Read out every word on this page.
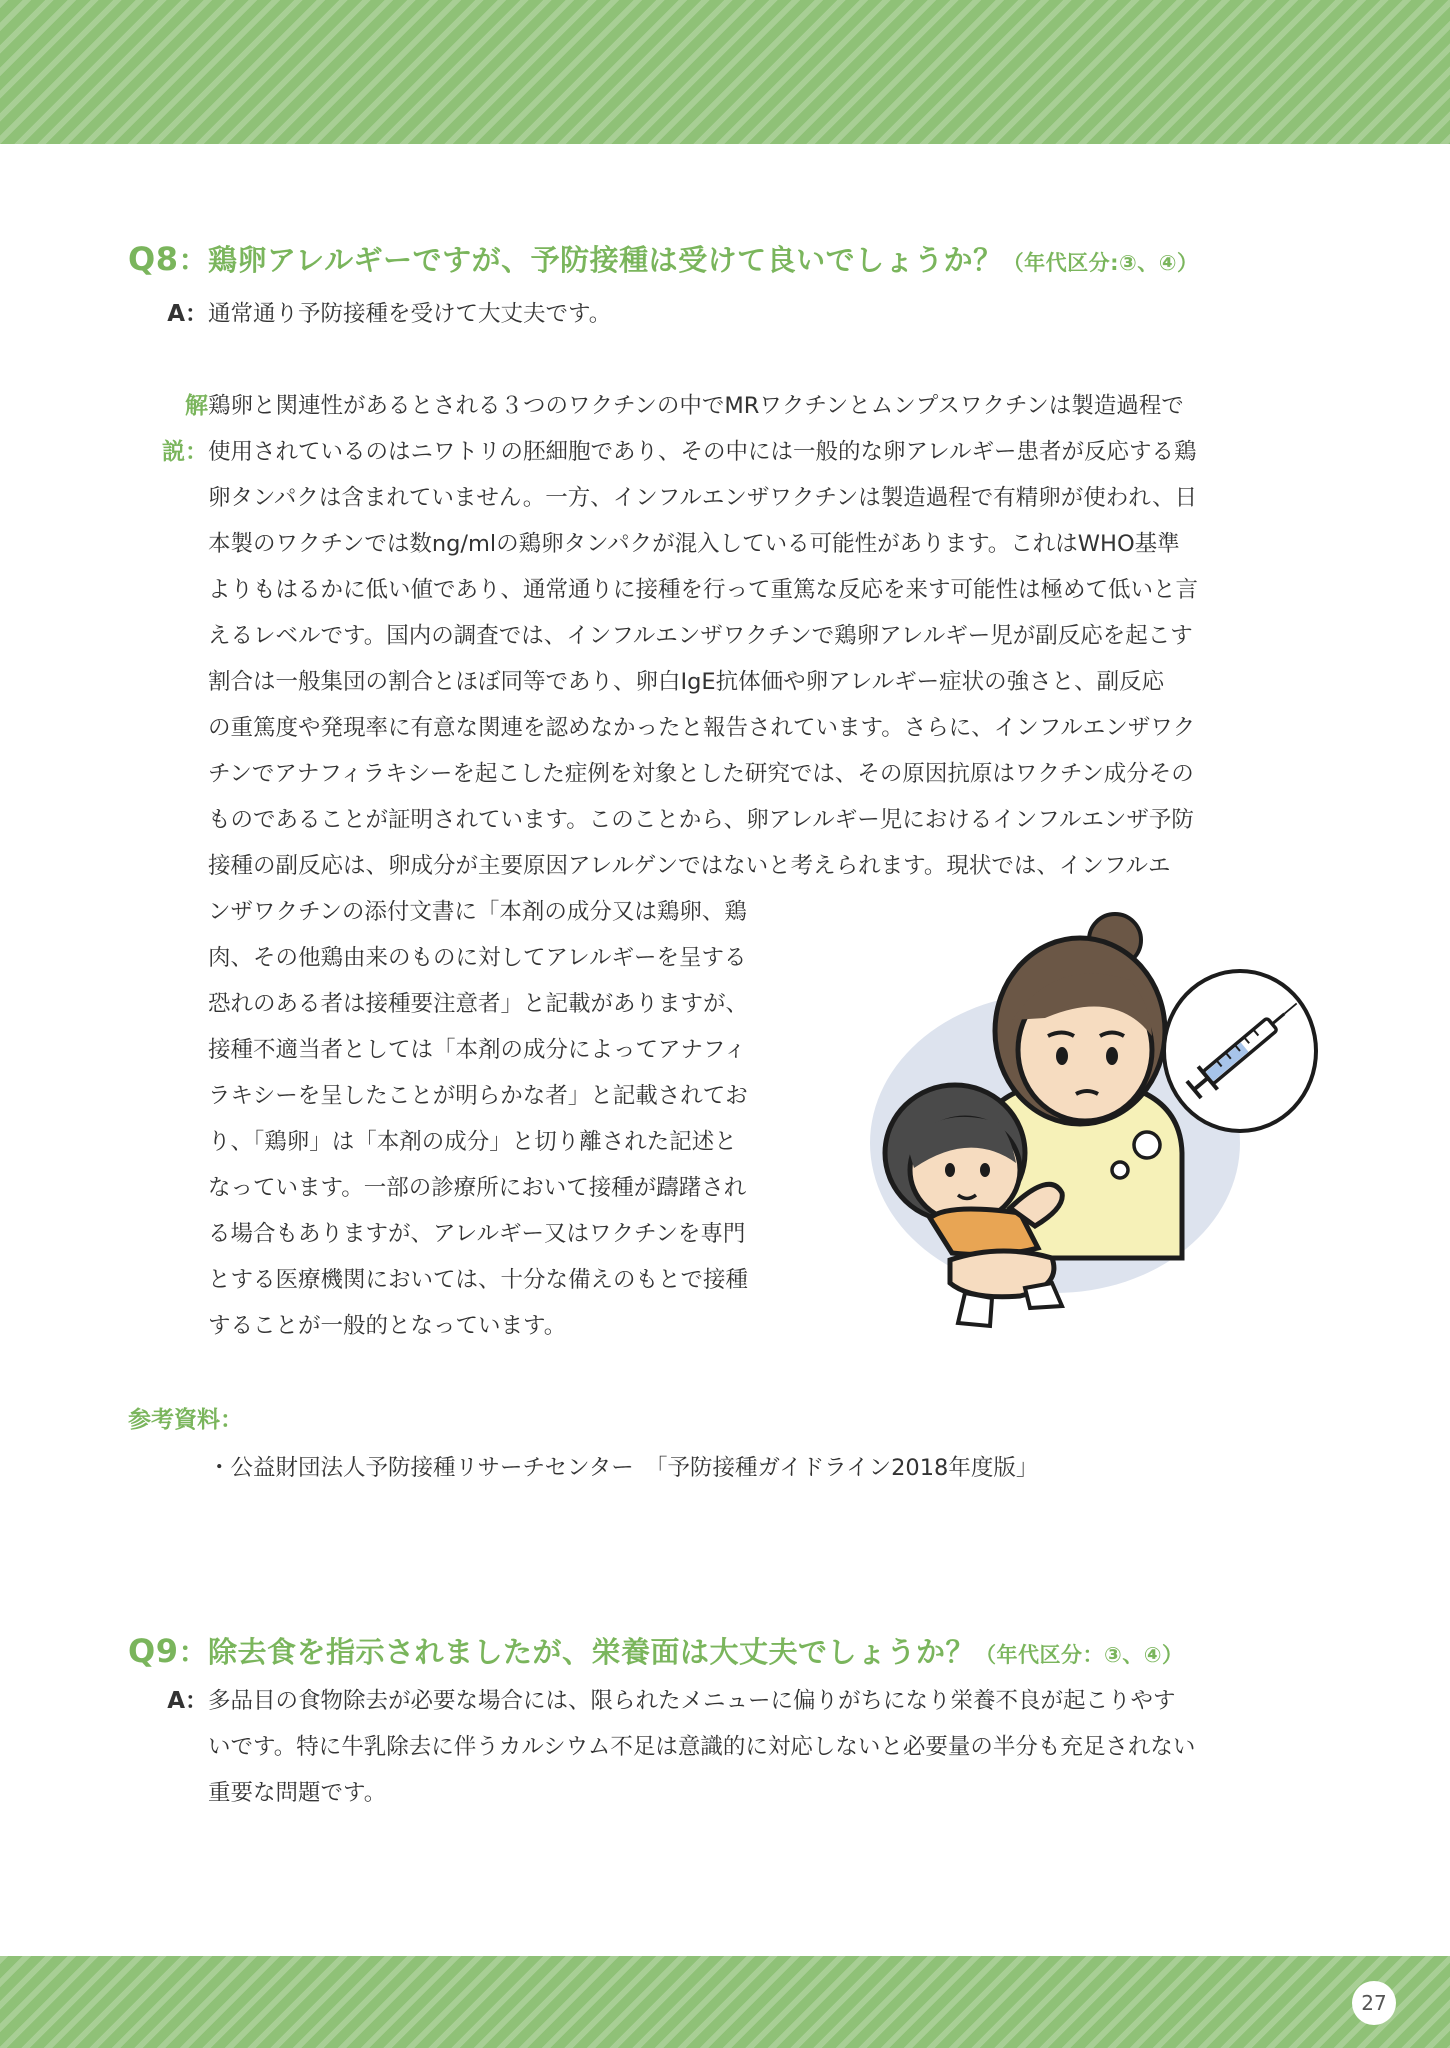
Q8：鶏卵アレルギーですが、予防接種は受けて良いでしょうか？（年代区分:③、④）
A： 通常通り予防接種を受けて大丈夫です。
解説：
鶏卵と関連性があるとされる３つのワクチンの中でMRワクチンとムンプスワクチンは製造過程で
使用されているのはニワトリの胚細胞であり、その中には一般的な卵アレルギー患者が反応する鶏
卵タンパクは含まれていません。一方、インフルエンザワクチンは製造過程で有精卵が使われ、日
本製のワクチンでは数ng/mlの鶏卵タンパクが混入している可能性があります。これはWHO基準
よりもはるかに低い値であり、通常通りに接種を行って重篤な反応を来す可能性は極めて低いと言
えるレベルです。国内の調査では、インフルエンザワクチンで鶏卵アレルギー児が副反応を起こす
割合は一般集団の割合とほぼ同等であり、卵白IgE抗体価や卵アレルギー症状の強さと、副反応
の重篤度や発現率に有意な関連を認めなかったと報告されています。さらに、インフルエンザワク
チンでアナフィラキシーを起こした症例を対象とした研究では、その原因抗原はワクチン成分その
ものであることが証明されています。このことから、卵アレルギー児におけるインフルエンザ予防
接種の副反応は、卵成分が主要原因アレルゲンではないと考えられます。現状では、インフルエ
ンザワクチンの添付文書に「本剤の成分又は鶏卵、鶏
肉、その他鶏由来のものに対してアレルギーを呈する
恐れのある者は接種要注意者」と記載がありますが、
接種不適当者としては「本剤の成分によってアナフィ
ラキシーを呈したことが明らかな者」と記載されてお
り、「鶏卵」は「本剤の成分」と切り離された記述と
なっています。一部の診療所において接種が躊躇され
る場合もありますが、アレルギー又はワクチンを専門
とする医療機関においては、十分な備えのもとで接種
することが一般的となっています。
参考資料：
・公益財団法人予防接種リサーチセンター　「予防接種ガイドライン2018年度版」
Q9：除去食を指示されましたが、栄養面は大丈夫でしょうか？（年代区分：③、④）
A： 多品目の食物除去が必要な場合には、限られたメニューに偏りがちになり栄養不良が起こりやす
いです。特に牛乳除去に伴うカルシウム不足は意識的に対応しないと必要量の半分も充足されない
重要な問題です。
27
